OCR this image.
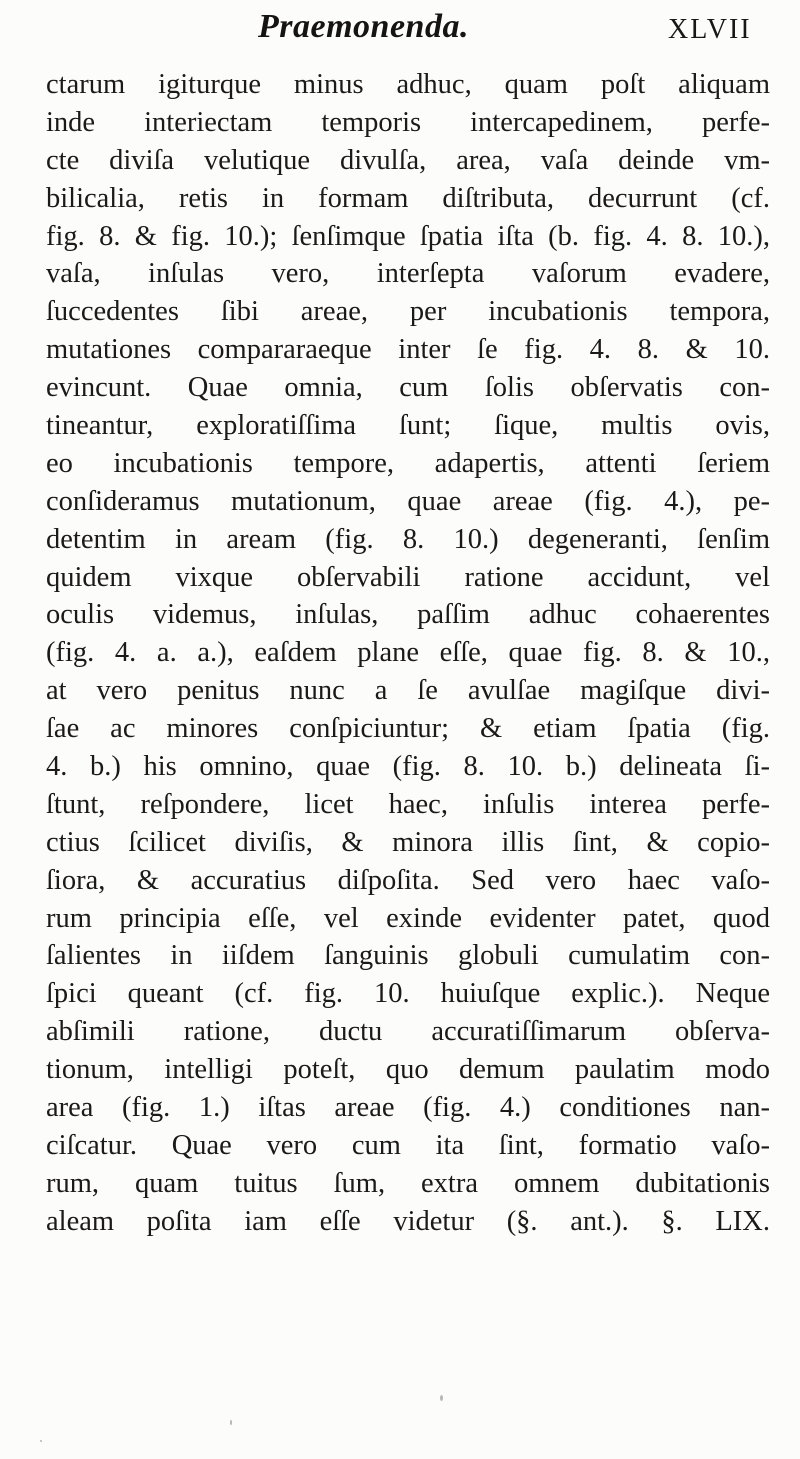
Praemonenda.	XLVII
ctarum igiturque minus adhuc, quam poſt aliquam
inde interiectam temporis intercapedinem, perfe-
cte diviſa velutique divulſa, area, vaſa deinde vm-
bilicalia, retis in formam diſtributa, decurrunt (cf.
fig. 8. & fig. 10.); ſenſimque ſpatia iſta (b. fig. 4. 8. 10.),
vaſa, inſulas vero, interſepta vaſorum evadere,
ſuccedentes ſibi areae, per incubationis tempora,
mutationes compararaeque inter ſe fig. 4. 8. & 10.
evincunt. Quae omnia, cum ſolis obſervatis con-
tineantur, exploratiſſima ſunt; ſique, multis ovis,
eo incubationis tempore, adapertis, attenti ſeriem
conſideramus mutationum, quae areae (fig. 4.), pe-
detentim in aream (fig. 8. 10.) degeneranti, ſenſim
quidem vixque obſervabili ratione accidunt, vel
oculis videmus, inſulas, paſſim adhuc cohaerentes
(fig. 4. a. a.), eaſdem plane eſſe, quae fig. 8. & 10.,
at vero penitus nunc a ſe avulſae magiſque divi-
ſae ac minores conſpiciuntur; & etiam ſpatia (fig.
4. b.) his omnino, quae (fig. 8. 10. b.) delineata ſi-
ſtunt, reſpondere, licet haec, inſulis interea perfe-
ctius ſcilicet diviſis, & minora illis ſint, & copio-
ſiora, & accuratius diſpoſita. Sed vero haec vaſo-
rum principia eſſe, vel exinde evidenter patet, quod
ſalientes in iiſdem ſanguinis globuli cumulatim con-
ſpici queant (cf. fig. 10. huiuſque explic.). Neque
abſimili ratione, ductu accuratiſſimarum obſerva-
tionum, intelligi poteſt, quo demum paulatim modo
area (fig. 1.) iſtas areae (fig. 4.) conditiones nan-
ciſcatur. Quae vero cum ita ſint, formatio vaſo-
rum, quam tuitus ſum, extra omnem dubitationis
aleam poſita iam eſſe videtur (§. ant.). §. LIX.
